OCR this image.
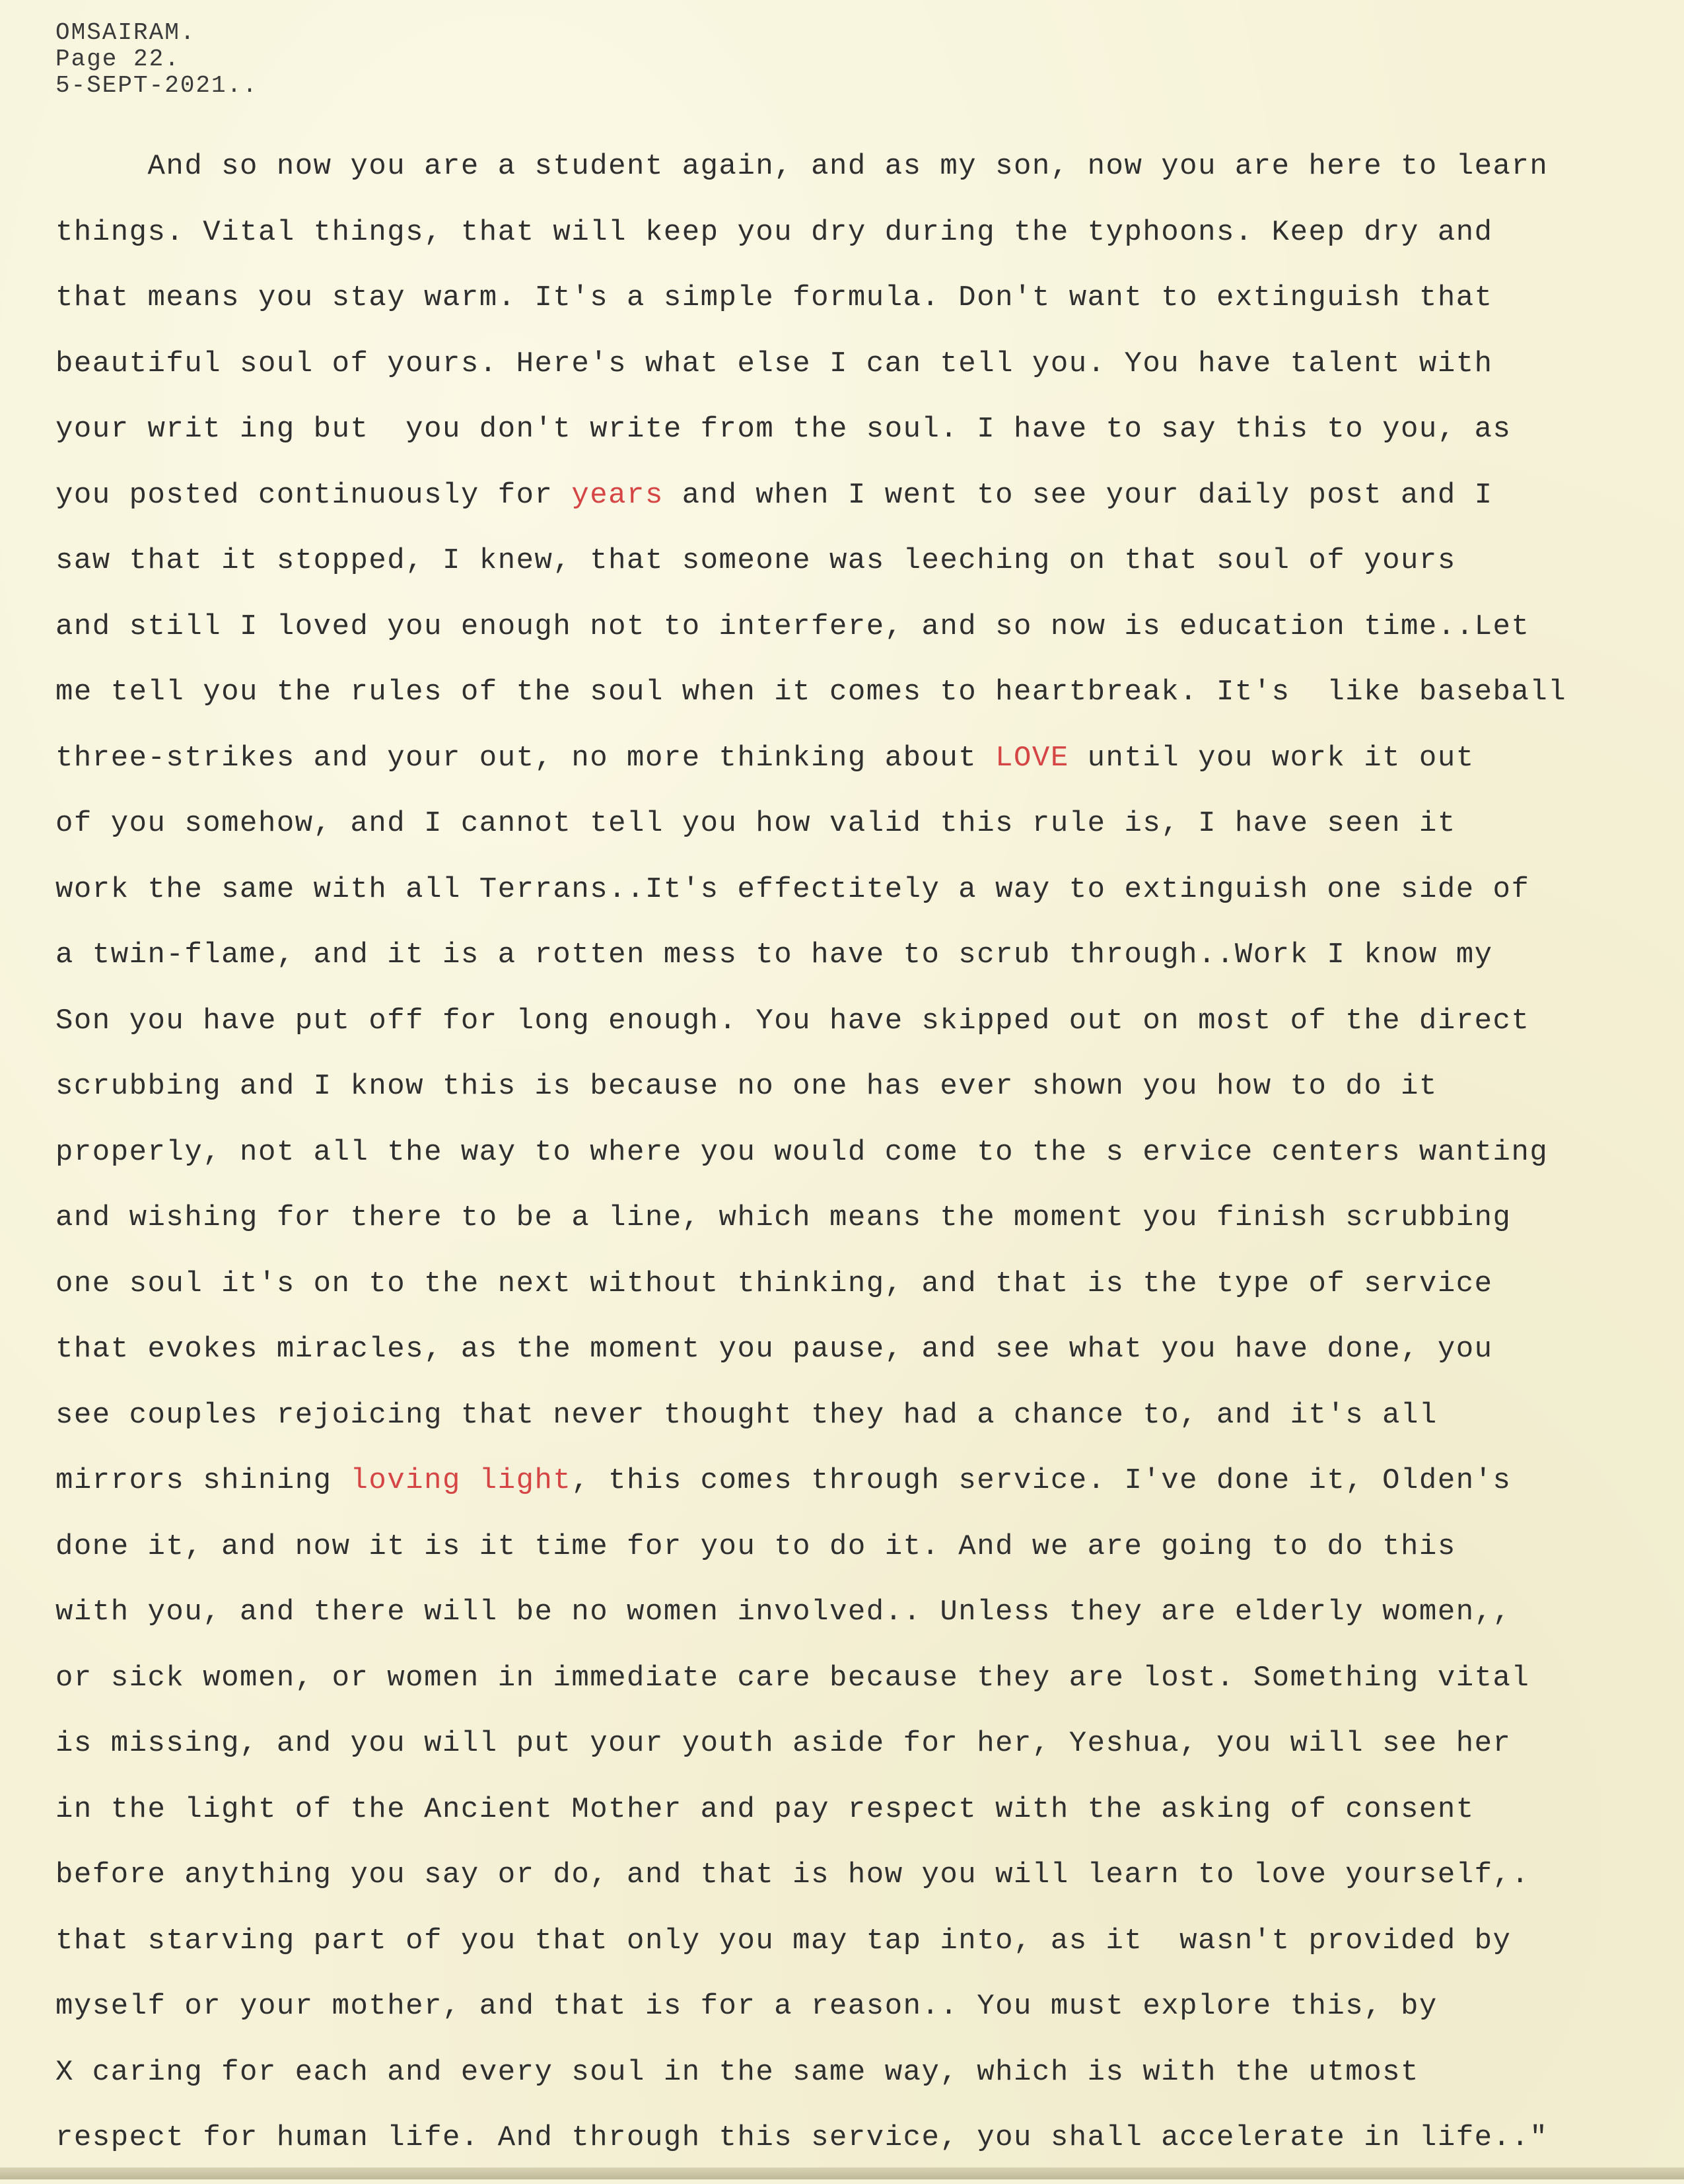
OMSAIRAM.
Page 22.
5-SEPT-2021..
And so now you are a student again, and as my son, now you are here to learn
things. Vital things, that will keep you dry during the typhoons. Keep dry and
that means you stay warm. It's a simple formula. Don't want to extinguish that
beautiful soul of yours. Here's what else I can tell you. You have talent with
your writ ing but  you don't write from the soul. I have to say this to you, as
you posted continuously for years and when I went to see your daily post and I
saw that it stopped, I knew, that someone was leeching on that soul of yours
and still I loved you enough not to interfere, and so now is education time..Let
me tell you the rules of the soul when it comes to heartbreak. It's  like baseball
three-strikes and your out, no more thinking about LOVE until you work it out
of you somehow, and I cannot tell you how valid this rule is, I have seen it
work the same with all Terrans..It's effectitely a way to extinguish one side of
a twin-flame, and it is a rotten mess to have to scrub through..Work I know my
Son you have put off for long enough. You have skipped out on most of the direct
scrubbing and I know this is because no one has ever shown you how to do it
properly, not all the way to where you would come to the s ervice centers wanting
and wishing for there to be a line, which means the moment you finish scrubbing
one soul it's on to the next without thinking, and that is the type of service
that evokes miracles, as the moment you pause, and see what you have done, you
see couples rejoicing that never thought they had a chance to, and it's all
mirrors shining loving light, this comes through service. I've done it, Olden's
done it, and now it is it time for you to do it. And we are going to do this
with you, and there will be no women involved.. Unless they are elderly women,,
or sick women, or women in immediate care because they are lost. Something vital
is missing, and you will put your youth aside for her, Yeshua, you will see her
in the light of the Ancient Mother and pay respect with the asking of consent
before anything you say or do, and that is how you will learn to love yourself,.
that starving part of you that only you may tap into, as it  wasn't provided by
myself or your mother, and that is for a reason.. You must explore this, by
X caring for each and every soul in the same way, which is with the utmost
respect for human life. And through this service, you shall accelerate in life.."
